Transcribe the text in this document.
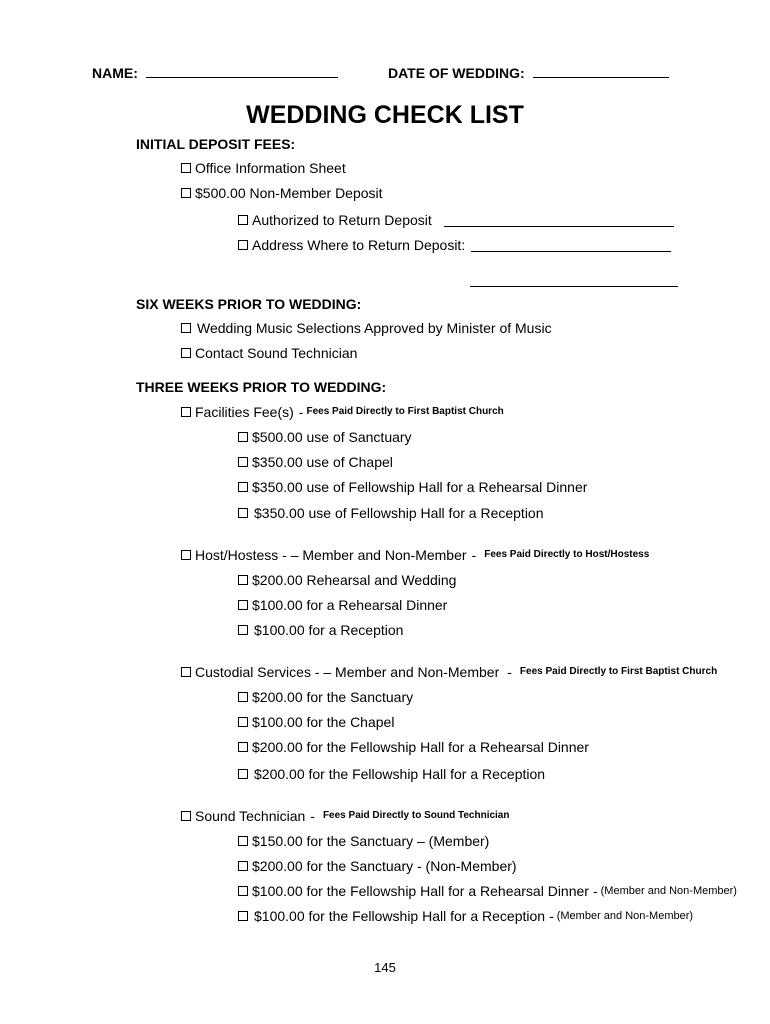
NAME:	DATE OF WEDDING:
WEDDING CHECK LIST
INITIAL DEPOSIT FEES:
Office Information Sheet
$500.00 Non-Member Deposit
Authorized to Return Deposit
Address Where to Return Deposit:
SIX WEEKS PRIOR TO WEDDING:
Wedding Music Selections Approved by Minister of Music
Contact Sound Technician
THREE WEEKS PRIOR TO WEDDING:
Facilities Fee(s) - Fees Paid Directly to First Baptist Church
$500.00 use of Sanctuary
$350.00 use of Chapel
$350.00 use of Fellowship Hall for a Rehearsal Dinner
$350.00 use of Fellowship Hall for a Reception
Host/Hostess - – Member and Non-Member - Fees Paid Directly to Host/Hostess
$200.00 Rehearsal and Wedding
$100.00 for a Rehearsal Dinner
$100.00 for a Reception
Custodial Services - – Member and Non-Member - Fees Paid Directly to First Baptist Church
$200.00 for the Sanctuary
$100.00 for the Chapel
$200.00 for the Fellowship Hall for a Rehearsal Dinner
$200.00 for the Fellowship Hall for a Reception
Sound Technician - Fees Paid Directly to Sound Technician
$150.00 for the Sanctuary – (Member)
$200.00 for the Sanctuary - (Non-Member)
$100.00 for the Fellowship Hall for a Rehearsal Dinner - (Member and Non-Member)
$100.00 for the Fellowship Hall for a Reception - (Member and Non-Member)
145
